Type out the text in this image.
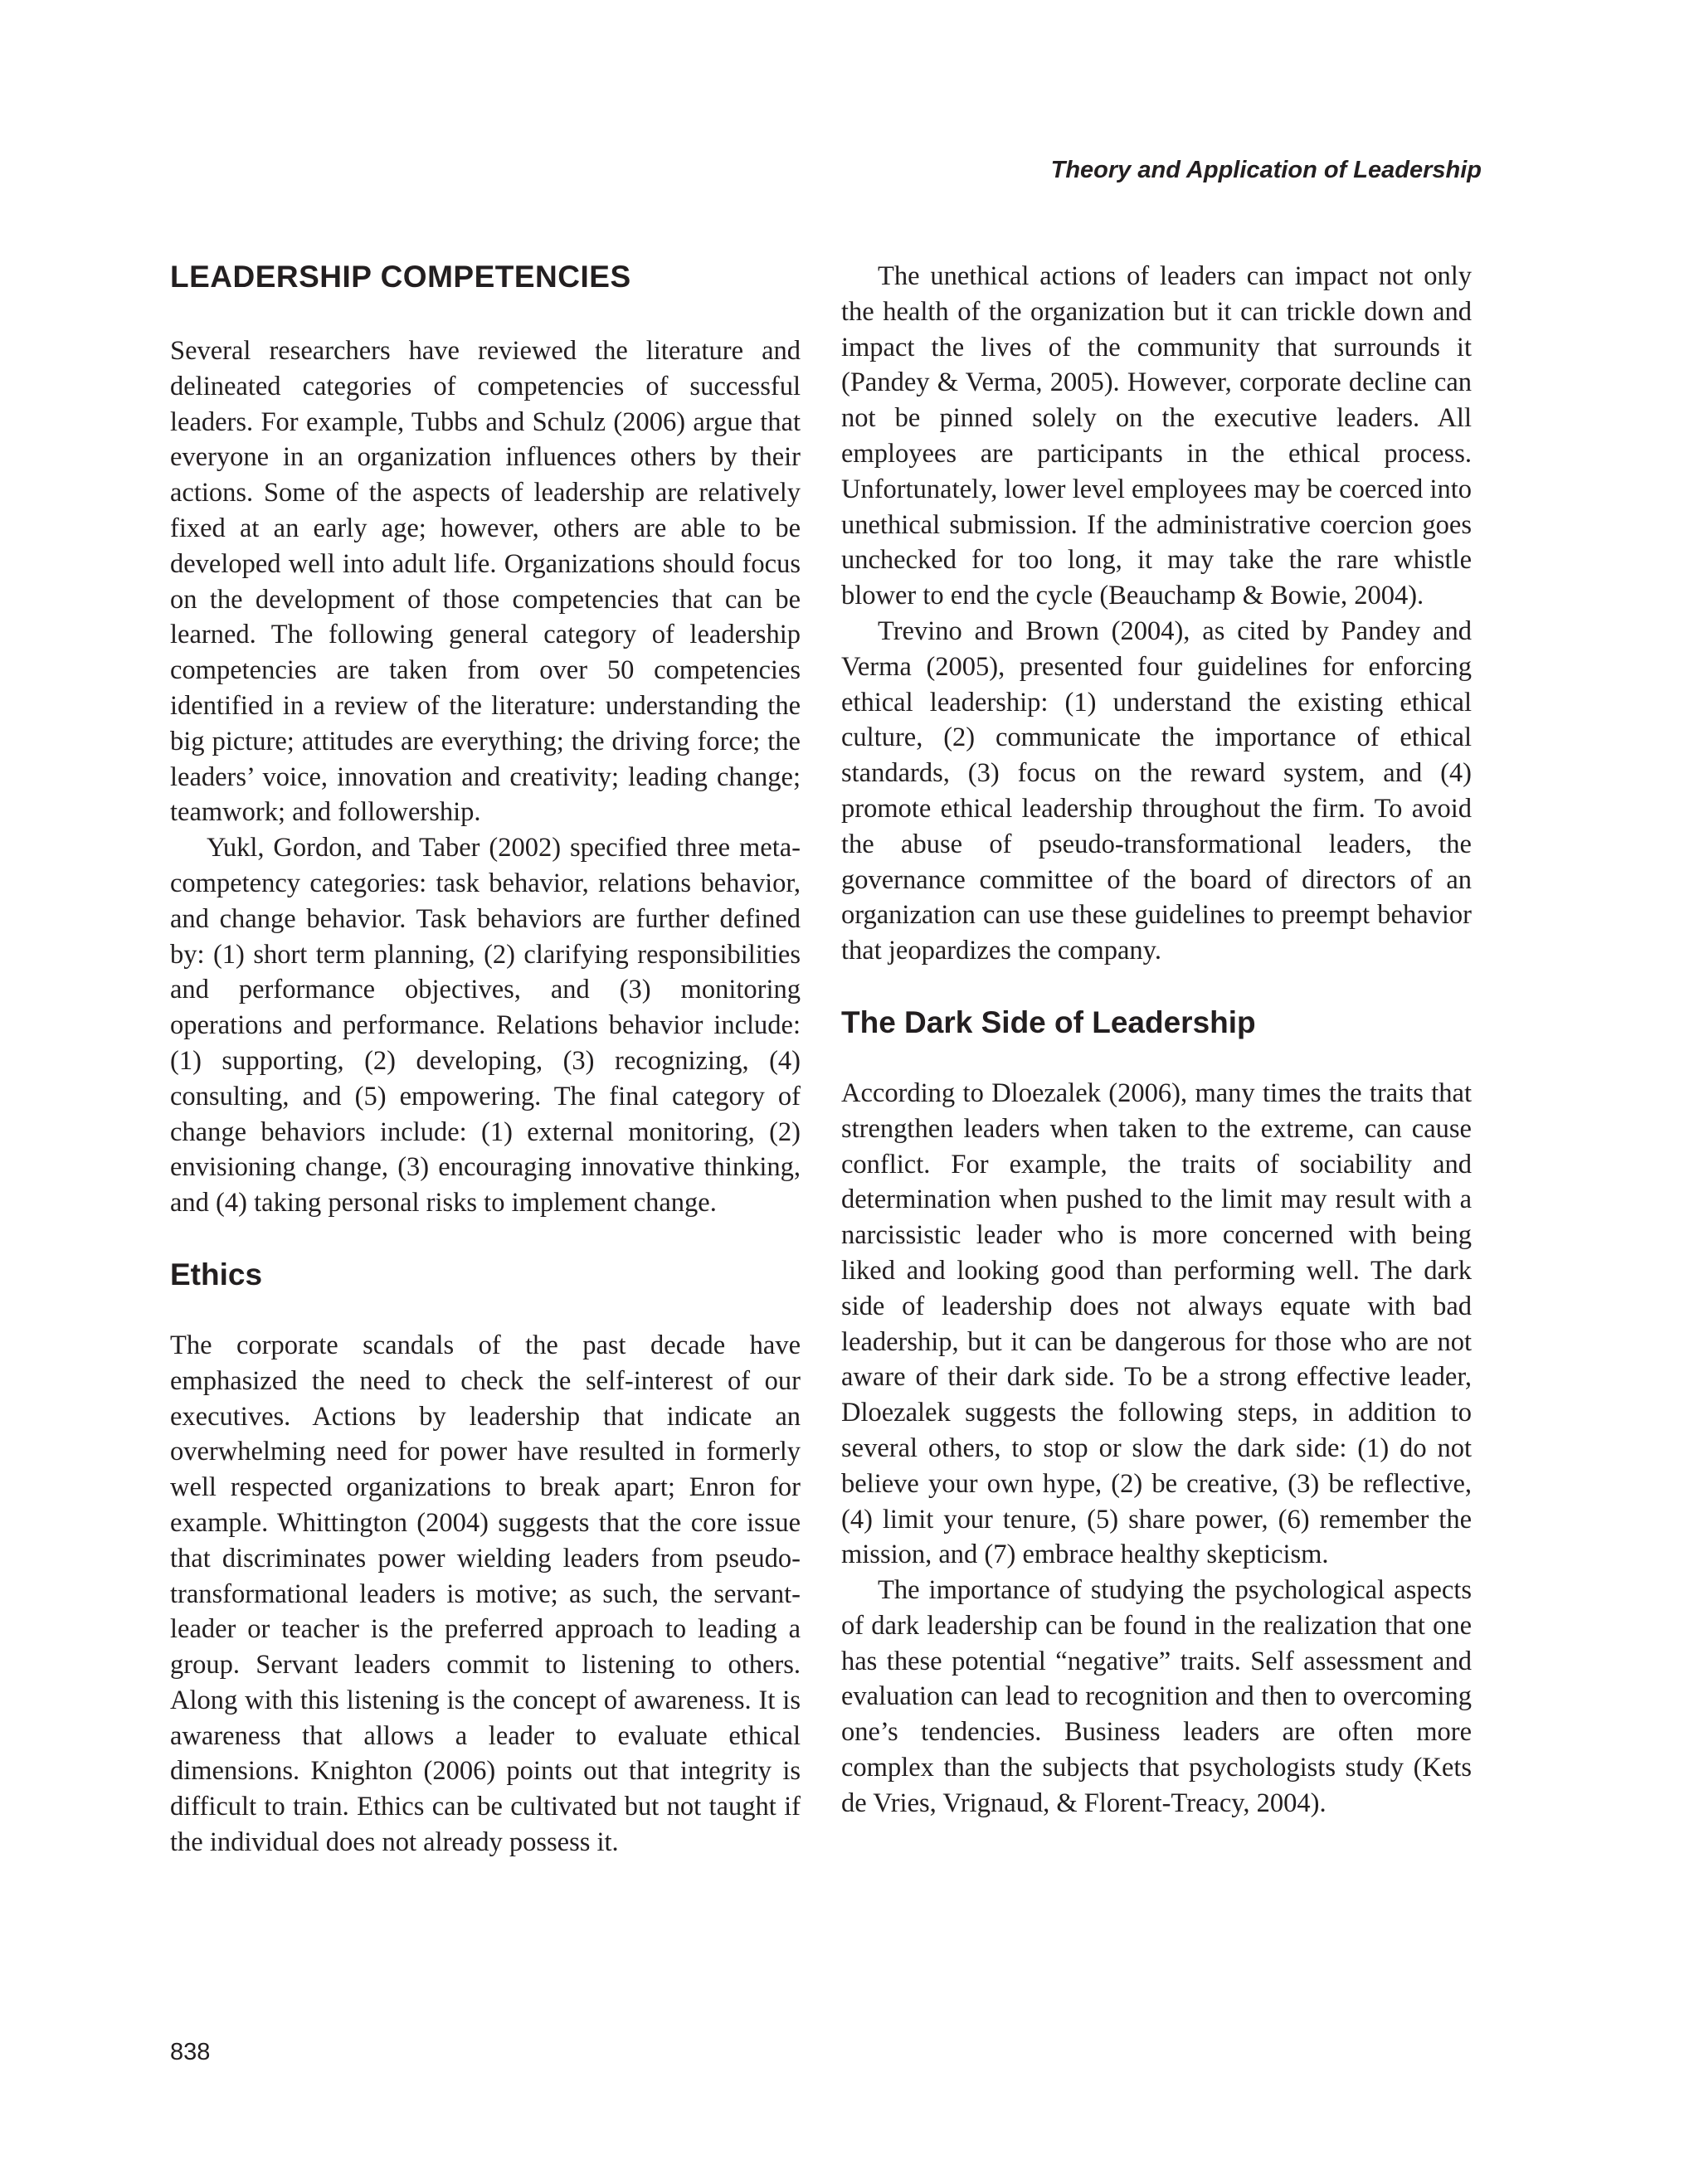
Theory and Application of Leadership
LEADERSHIP COMPETENCIES

Several researchers have reviewed the literature and delineated categories of competencies of successful leaders. For example, Tubbs and Schulz (2006) argue that everyone in an organization influences others by their actions. Some of the aspects of leadership are relatively fixed at an early age; however, others are able to be developed well into adult life. Organizations should focus on the development of those competencies that can be learned. The following general category of leadership competencies are taken from over 50 competencies identified in a review of the literature: understanding the big picture; attitudes are everything; the driving force; the leaders’ voice, innovation and creativity; leading change; teamwork; and followership.

Yukl, Gordon, and Taber (2002) specified three meta-competency categories: task behavior, relations behavior, and change behavior. Task behaviors are further defined by: (1) short term planning, (2) clarifying responsibilities and performance objectives, and (3) monitoring operations and performance. Relations behavior include: (1) supporting, (2) developing, (3) recognizing, (4) consulting, and (5) empowering. The final category of change behaviors include: (1) external monitoring, (2) envisioning change, (3) encouraging innovative thinking, and (4) taking personal risks to implement change.

Ethics

The corporate scandals of the past decade have emphasized the need to check the self-interest of our executives. Actions by leadership that indicate an overwhelming need for power have resulted in formerly well respected organizations to break apart; Enron for example. Whittington (2004) suggests that the core issue that discriminates power wielding leaders from pseudo-transformational leaders is motive; as such, the servant-leader or teacher is the preferred approach to leading a group. Servant leaders commit to listening to others. Along with this listening is the concept of awareness. It is awareness that allows a leader to evaluate ethical dimensions. Knighton (2006) points out that integrity is difficult to train. Ethics can be cultivated but not taught if the individual does not already possess it.

The unethical actions of leaders can impact not only the health of the organization but it can trickle down and impact the lives of the community that surrounds it (Pandey & Verma, 2005). However, corporate decline can not be pinned solely on the executive leaders. All employees are participants in the ethical process. Unfortunately, lower level employees may be coerced into unethical submission. If the administrative coercion goes unchecked for too long, it may take the rare whistle blower to end the cycle (Beauchamp & Bowie, 2004).

Trevino and Brown (2004), as cited by Pandey and Verma (2005), presented four guidelines for enforcing ethical leadership: (1) understand the existing ethical culture, (2) communicate the importance of ethical standards, (3) focus on the reward system, and (4) promote ethical leadership throughout the firm. To avoid the abuse of pseudo-transformational leaders, the governance committee of the board of directors of an organization can use these guidelines to preempt behavior that jeopardizes the company.

The Dark Side of Leadership

According to Dloezalek (2006), many times the traits that strengthen leaders when taken to the extreme, can cause conflict. For example, the traits of sociability and determination when pushed to the limit may result with a narcissistic leader who is more concerned with being liked and looking good than performing well. The dark side of leadership does not always equate with bad leadership, but it can be dangerous for those who are not aware of their dark side. To be a strong effective leader, Dloezalek suggests the following steps, in addition to several others, to stop or slow the dark side: (1) do not believe your own hype, (2) be creative, (3) be reflective, (4) limit your tenure, (5) share power, (6) remember the mission, and (7) embrace healthy skepticism.

The importance of studying the psychological aspects of dark leadership can be found in the realization that one has these potential “negative” traits. Self assessment and evaluation can lead to recognition and then to overcoming one’s tendencies. Business leaders are often more complex than the subjects that psychologists study (Kets de Vries, Vrignaud, & Florent-Treacy, 2004).

838
